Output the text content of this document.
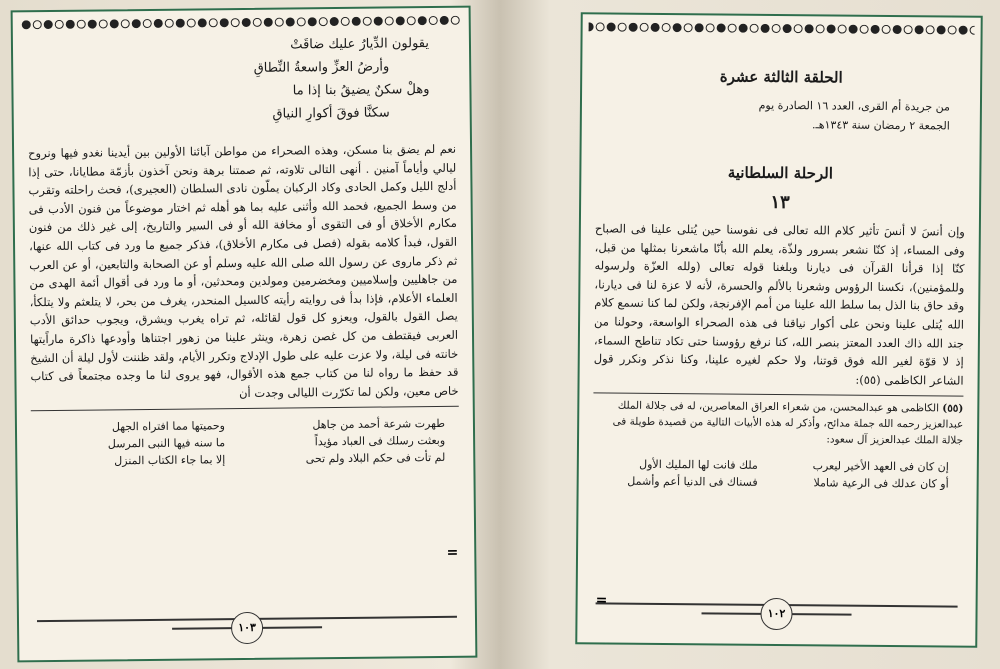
يقولون الدِّيارُ عليك ضاقَتْ
وأرضُ العزِّ واسعةُ النِّطاقِ
وهلْ سكنٌ يضيقُ بنا إذا ما
سكنَّا فوقَ أكوارِ النياقِ

نعم لم يضق بنا مسكن، وهذه الصحراء من مواطن آبائنا الأولين بين أيدينا نغدو فيها ونروح ليالي وأياماً آمنين . أنهى التالى تلاوته، ثم صمتنا برهة ونحن آخذون بأزمّة مطايانا، حتى إذا أدلج الليل وكمل الحادى وكاد الركبان يملّون نادى السلطان (العجيرى)، فحث راحلته وتقرب من وسط الجميع، فحمد الله وأثنى عليه بما هو أهله ثم اختار موضوعاً من فنون الأدب فى مكارم الأخلاق أو فى التقوى أو مخافة الله أو فى السير والتاريخ، إلى غير ذلك من فنون القول، فبدأ كلامه بقوله (فصل فى مكارم الأخلاق)، فذكر جميع ما ورد فى كتاب الله عنها، ثم ذكر ماروى عن رسول الله صلى الله عليه وسلم أو عن الصحابة والتابعين، أو عن العرب من جاهليين وإسلاميين ومخضرمين ومولدين ومحدثين، أو ما ورد فى أقوال أئمة الهدى من العلماء الأعلام، فإذا بدأ فى روايته رأيته كالسيل المنحدر، يغرف من بحر، لا يتلعثم ولا يتلكأ، يصل القول بالقول، ويعزو كل قول لقائله، ثم تراه يغرب ويشرق، ويجوب حدائق الأدب العربى فيقتطف من كل غصن زهرة، وينثر علينا من زهور اجتناها وأودعها ذاكرة ماراًيتها خانته فى ليلة، ولا عزت عليه على طول الإدلاج وتكرر الأيام، ولقد ظننت لأول ليلة أن الشيخ قد حفظ ما رواه لنا من كتاب جمع هذه الأقوال، فهو يروى لنا ما وجده مجتمعاً فى كتاب خاص معين، ولكن لما تكرّرت الليالى وجدت أن

طهرت شرعة أحمد من جاهل
وحميتها مما افتراه الجهل
وبعثت رسلك فى العباد مؤيداً
ما سنه فيها النبى المرسل
لم تأت فى حكم البلاد ولم تحى
إلا بما جاء الكتاب المنزل
=
١٠٣
الحلقة الثالثة عشرة
من جريدة أم القرى، العدد ١٦ الصادرة يوم
الجمعة ٢ رمضان سنة ١٣٤٣هـ.
الرحلة السلطانية
١٣

وإن أنسَ لا أنسَ تأثير كلام الله تعالى فى نفوسنا حين يُتلى علينا فى الصباح وفى المساء، إذ كنّا نشعر بسرور ولذّة، يعلم الله بأنّا ماشعرنا بمثلها من قبل، كنّا إذا قرأنا القرآن فى ديارنا وبلغنا قوله تعالى (ولله العزّة ولرسوله وللمؤمنين)، نكسنا الرؤوس وشعرنا بالألم والحسرة، لأنه لا عزة لنا فى ديارنا، وقد حاق بنا الذل بما سلط الله علينا من أمم الإفرنجة، ولكن لما كنا نسمع كلام الله يُتلى علينا ونحن على أكوار نياقنا فى هذه الصحراء الواسعة، وحولنا من جند الله ذاك العدد المعتز بنصر الله، كنا نرفع رؤوسنا حتى تكاد تناطح السماء، إذ لا قوّة لغير الله فوق قوتنا، ولا حكم لغيره علينا، وكنا نذكر ونكرر قول الشاعر الكاظمى (٥٥):

(٥٥) الكاظمى هو عبدالمحسن، من شعراء العراق المعاصرين، له فى جلالة الملك عبدالعزيز رحمه الله جملة مدائح، وأذكر له هذه الأبيات التالية من قصيدة طويلة فى جلالة الملك عبدالعزيز آل سعود:
إن كان فى العهد الأخير ليعرب
ملك فانت لها المليك الأول
أو كان عدلك فى الرعية شاملا
فسناك فى الدنيا أعم وأشمل
=
١٠٢
